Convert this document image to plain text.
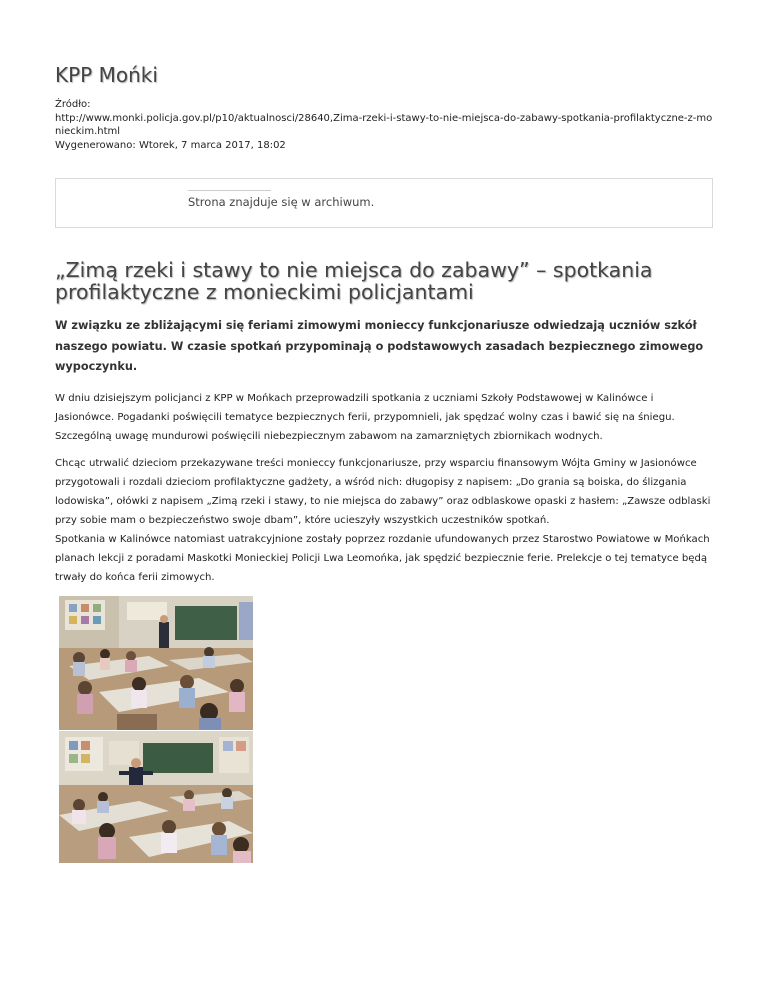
KPP Mońki
Źródło:
http://www.monki.policja.gov.pl/p10/aktualnosci/28640,Zima-rzeki-i-stawy-to-nie-miejsca-do-zabawy-spotkania-profilaktyczne-z-monieckim.html
Wygenerowano: Wtorek, 7 marca 2017, 18:02
Strona znajduje się w archiwum.
„Zimą rzeki i stawy to nie miejsca do zabawy” – spotkania profilaktyczne z monieckimi policjantami

W związku ze zbliżającymi się feriami zimowymi monieccy funkcjonariusze odwiedzają uczniów szkół naszego powiatu. W czasie spotkań przypominają o podstawowych zasadach bezpiecznego zimowego wypoczynku.

W dniu dzisiejszym policjanci z KPP w Mońkach przeprowadzili spotkania z uczniami Szkoły Podstawowej w Kalinówce i Jasionówce. Pogadanki poświęcili tematyce bezpiecznych ferii, przypomnieli, jak spędzać wolny czas i bawić się na śniegu. Szczególną uwagę mundurowi poświęcili niebezpiecznym zabawom na zamarzniętych zbiornikach wodnych.

Chcąc utrwalić dzieciom przekazywane treści monieccy funkcjonariusze, przy wsparciu finansowym Wójta Gminy w Jasionówce przygotowali i rozdali dzieciom profilaktyczne gadżety, a wśród nich: długopisy z napisem: „Do grania są boiska, do ślizgania lodowiska”, ołówki z napisem „Zimą rzeki i stawy, to nie miejsca do zabawy” oraz odblaskowe opaski z hasłem: „Zawsze odblaski przy sobie mam o bezpieczeństwo swoje dbam”, które ucieszyły wszystkich uczestników spotkań.

Spotkania w Kalinówce natomiast uatrakcyjnione zostały poprzez rozdanie ufundowanych przez Starostwo Powiatowe w Mońkach planach lekcji z poradami Maskotki Monieckiej Policji Lwa Leomońka, jak spędzić bezpiecznie ferie. Prelekcje o tej tematyce będą trwały do końca ferii zimowych.
